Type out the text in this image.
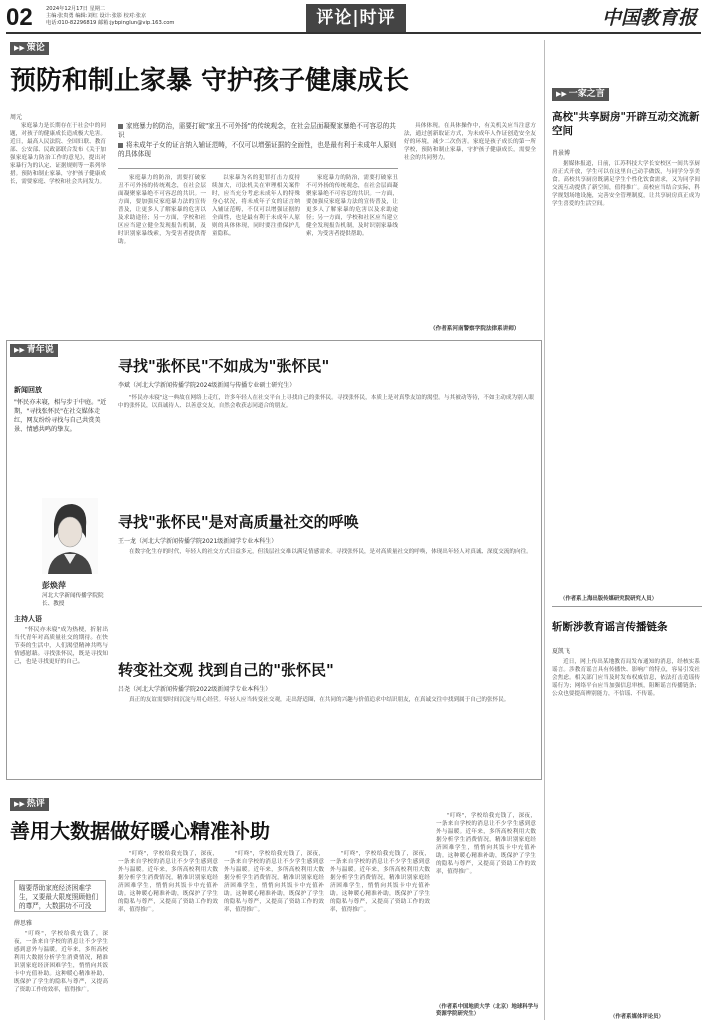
02	2024年12月17日 星期二
主编:张贵勇 编辑:刘红 设计:张影 校对:张京
电话:010-82296819 邮箱:jybpinglun@vip.163.com	评论|时评	中国教育报
▶▶ 策论
预防和制止家暴 守护孩子健康成长
周元
家庭暴力是长期存在于社会中的问题，对孩子的健康成长造成极大危害。近日，最高人民法院、全国妇联、教育部、公安部、民政部联合发布《关于加强家庭暴力防治工作的意见》，提出对家暴行为的认定、证据规则等一系列举措。预防和制止家暴，守护孩子健康成长，需要家庭、学校和社会共同发力。
家庭暴力的防治，需要打破"家丑不可外扬"的传统观念，在社会层面凝聚家暴绝不可容忍的共识
将未成年子女的证言纳入辅证范畴，不仅可以增强证据的全面性，也是最有利于未成年人原则的具体体现
家庭暴力的防治，需要打破家丑不可外扬的传统观念，在社会层面凝聚家暴绝不可容忍的共识。一方面，要加强反家庭暴力法的宣传普及，让更多人了解家暴的危害以及求助途径；另一方面，学校和社区应当建立健全发现报告机制，及时识别家暴线索，为受害者提供帮助。
以家暴为名的犯罪打击力度持续加大，司法机关在审理相关案件时，应当充分考虑未成年人的特殊身心状况，将未成年子女的证言纳入辅证范畴，不仅可以增强证据的全面性，也是最有利于未成年人原则的具体体现，同时要注重保护儿童隐私。
家庭暴力的防治，需要打破家丑不可外扬的传统观念，在社会层面凝聚家暴绝不可容忍的共识。一方面，要加强反家庭暴力法的宣传普及，让更多人了解家暴的危害以及求助途径；另一方面，学校和社区应当建立健全发现报告机制，及时识别家暴线索，为受害者提供帮助。
具体体现。在具体操作中，有关机关应当注意方法，通过创新取证方式，为未成年人作证创造安全友好的环境，减少二次伤害。家庭是孩子成长的第一所学校，预防和制止家暴，守护孩子健康成长，需要全社会的共同努力。
（作者系河南警察学院法律系讲师）
▶▶ 一家之言
高校"共享厨房"开辟互动交流新空间
肖景博
据媒体报道，日前，江苏科技大学长安校区一间共享厨房正式开放，学生可以在这里自己动手做饭，与同学分享美食。高校共享厨房既满足学生个性化饮食需求，又为同学间交流互动提供了新空间，值得推广。高校应当结合实际，科学规划场地设施，完善安全管理制度，让共享厨房真正成为学生喜爱的生活空间。
（作者系上海出版传媒研究院研究人员）
斩断涉教育谣言传播链条
夏凯飞
近日，网上传出某地教育局发布通知的消息，经核实系谣言。涉教育谣言具有传播快、影响广的特点，容易引发社会焦虑。相关部门应当及时发布权威信息，依法打击造谣传谣行为；网络平台应当加强信息审核，阻断谣言传播链条；公众也要提高辨别能力，不信谣、不传谣。
（作者系媒体评论员）
▶▶ 青年说
新闻回放
"怀民亦未寝，相与步于中庭。"近期，"寻找张怀民"在社交媒体走红，网友纷纷寻找与自己共赏美景、情感共鸣的挚友。
寻找"张怀民"不如成为"张怀民"
李斌（河北大学新闻传播学院2024级新闻与传播专业硕士研究生）
"怀民亦未寝"这一典故在网络上走红，许多年轻人在社交平台上寻找自己的张怀民。寻找张怀民，本质上是对真挚友谊的渴望。与其被动等待，不如主动成为别人眼中的张怀民，以真诚待人、以善意交友，自然会收获志同道合的朋友。
彭焕萍
河北大学新闻传播学院院长、教授
主持人语
"怀民亦未寝"成为热梗，折射出当代青年对高质量社交的期待。在快节奏的生活中，人们渴望精神共鸣与情感慰藉。寻找张怀民，既是寻找知己，也是寻找更好的自己。
寻找"张怀民"是对高质量社交的呼唤
王一龙（河北大学新闻传播学院2021级新闻学专业本科生）
在数字化生存的时代，年轻人的社交方式日益多元，但浅层社交难以满足情感需求。寻找张怀民，是对高质量社交的呼唤，体现出年轻人对真诚、深度交流的向往。
转变社交观 找到自己的"张怀民"
吕尧（河北大学新闻传播学院2022级新闻学专业本科生）
真正的友谊需要时间沉淀与用心经营。年轻人应当转变社交观，走出舒适圈，在共同的兴趣与价值追求中结识朋友，在真诚交往中找到属于自己的张怀民。
▶▶ 热评
善用大数据做好暖心精准补助
瞄要帮助家庭经济困难学生，又要最大限度照顾他们的尊严，大数据功不可没
薛思雅
"叮咚"，学校给我充钱了，深夜，一条来自学校的消息让不少学生感到意外与温暖。近年来，多所高校利用大数据分析学生消费情况，精准识别家庭经济困难学生，悄悄向其饭卡中充值补助。这种暖心精准补助，既保护了学生的隐私与尊严，又提高了资助工作的效率，值得推广。
"叮咚"，学校给我充钱了，深夜，一条来自学校的消息让不少学生感到意外与温暖。近年来，多所高校利用大数据分析学生消费情况，精准识别家庭经济困难学生，悄悄向其饭卡中充值补助。这种暖心精准补助，既保护了学生的隐私与尊严，又提高了资助工作的效率，值得推广。
"叮咚"，学校给我充钱了，深夜，一条来自学校的消息让不少学生感到意外与温暖。近年来，多所高校利用大数据分析学生消费情况，精准识别家庭经济困难学生，悄悄向其饭卡中充值补助。这种暖心精准补助，既保护了学生的隐私与尊严，又提高了资助工作的效率，值得推广。
"叮咚"，学校给我充钱了，深夜，一条来自学校的消息让不少学生感到意外与温暖。近年来，多所高校利用大数据分析学生消费情况，精准识别家庭经济困难学生，悄悄向其饭卡中充值补助。这种暖心精准补助，既保护了学生的隐私与尊严，又提高了资助工作的效率，值得推广。
"叮咚"，学校给我充钱了，深夜，一条来自学校的消息让不少学生感到意外与温暖。近年来，多所高校利用大数据分析学生消费情况，精准识别家庭经济困难学生，悄悄向其饭卡中充值补助。这种暖心精准补助，既保护了学生的隐私与尊严，又提高了资助工作的效率，值得推广。
（作者系中国地质大学（北京）地球科学与资源学院研究生）
